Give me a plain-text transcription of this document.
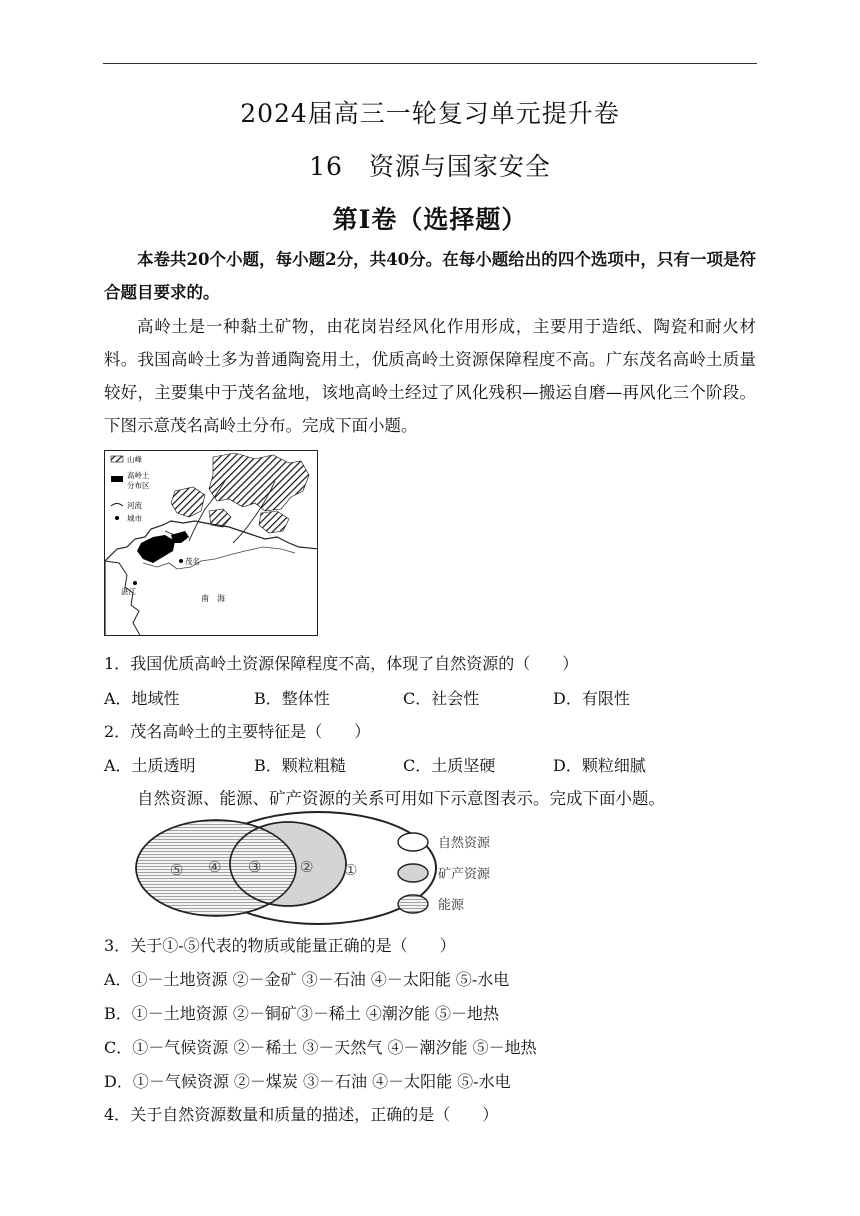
2024届高三一轮复习单元提升卷
16　资源与国家安全
第Ⅰ卷（选择题）
本卷共20个小题，每小题2分，共40分。在每小题给出的四个选项中，只有一项是符合题目要求的。
高岭土是一种黏土矿物，由花岗岩经风化作用形成，主要用于造纸、陶瓷和耐火材料。我国高岭土多为普通陶瓷用土，优质高岭土资源保障程度不高。广东茂名高岭土质量较好，主要集中于茂名盆地，该地高岭土经过了风化残积—搬运自磨—再风化三个阶段。下图示意茂名高岭土分布。完成下面小题。
山峰
高岭土
分布区
河流
城市
茂名
湛江
南　海
1．我国优质高岭土资源保障程度不高，体现了自然资源的（　　）
A．地域性	B．整体性	C．社会性	D．有限性
2．茂名高岭土的主要特征是（　　）
A．土质透明	B．颗粒粗糙	C．土质坚硬	D．颗粒细腻
自然资源、能源、矿产资源的关系可用如下示意图表示。完成下面小题。
⑤ ④ ③	② ①
自然资源
矿产资源
能源
3．关于①-⑤代表的物质或能量正确的是（　　）
A．①－土地资源 ②－金矿 ③－石油 ④－太阳能 ⑤-水电
B．①－土地资源 ②－铜矿③－稀土 ④潮汐能 ⑤－地热
C．①－气候资源 ②－稀土 ③－天然气 ④－潮汐能 ⑤－地热
D．①－气候资源 ②－煤炭 ③－石油 ④－太阳能 ⑤-水电
4．关于自然资源数量和质量的描述，正确的是（　　）
